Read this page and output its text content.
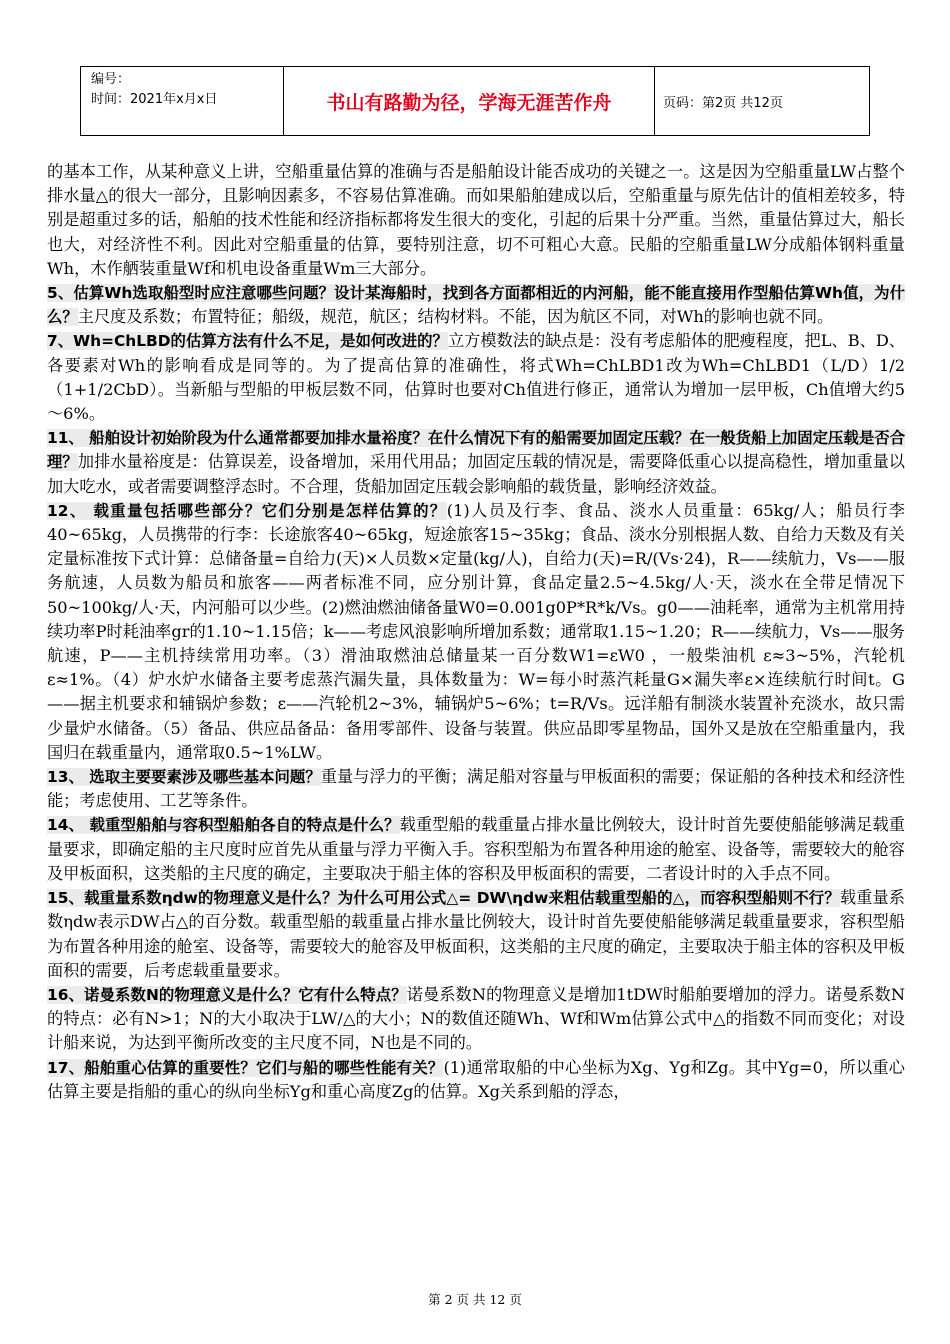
编号：
时间：2021年x月x日	书山有路勤为径，学海无涯苦作舟	页码：第2页 共12页

的基本工作，从某种意义上讲，空船重量估算的准确与否是船舶设计能否成功的关键之一。这是因为空船重量LW占整个排水量△的很大一部分，且影响因素多，不容易估算准确。而如果船舶建成以后，空船重量与原先估计的值相差较多，特别是超重过多的话，船舶的技术性能和经济指标都将发生很大的变化，引起的后果十分严重。当然，重量估算过大，船长也大，对经济性不利。因此对空船重量的估算，要特别注意，切不可粗心大意。民船的空船重量LW分成船体钢料重量Wh，木作舾装重量Wf和机电设备重量Wm三大部分。

5、估算Wh选取船型时应注意哪些问题？设计某海船时，找到各方面都相近的内河船，能不能直接用作型船估算Wh值，为什么？主尺度及系数；布置特征；船级，规范，航区；结构材料。不能，因为航区不同，对Wh的影响也就不同。

7、Wh=ChLBD的估算方法有什么不足，是如何改进的？立方模数法的缺点是：没有考虑船体的肥瘦程度，把L、B、D、各要素对Wh的影响看成是同等的。为了提高估算的准确性，将式Wh=ChLBD1改为Wh=ChLBD1（L/D）1/2（1+1/2CbD）。当新船与型船的甲板层数不同，估算时也要对Ch值进行修正，通常认为增加一层甲板，Ch值增大约5～6%。

11、 船舶设计初始阶段为什么通常都要加排水量裕度？在什么情况下有的船需要加固定压载？在一般货船上加固定压载是否合理？加排水量裕度是：估算误差，设备增加，采用代用品；加固定压载的情况是，需要降低重心以提高稳性，增加重量以加大吃水，或者需要调整浮态时。不合理，货船加固定压载会影响船的载货量，影响经济效益。

12、 载重量包括哪些部分？它们分别是怎样估算的？(1)人员及行李、食品、淡水人员重量：65kg/人；船员行李40~65kg，人员携带的行李：长途旅客40~65kg，短途旅客15~35kg；食品、淡水分别根据人数、自给力天数及有关定量标准按下式计算：总储备量=自给力(天)×人员数×定量(kg/人)，自给力(天)=R/(Vs·24)，R——续航力，Vs——服务航速，人员数为船员和旅客——两者标准不同，应分别计算，食品定量2.5~4.5kg/人·天，淡水在全带足情况下50~100kg/人·天，内河船可以少些。(2)燃油燃油储备量W0=0.001g0P*R*k/Vs。g0——油耗率，通常为主机常用持续功率P时耗油率gr的1.10~1.15倍；k——考虑风浪影响所增加系数；通常取1.15~1.20；R——续航力，Vs——服务航速，P——主机持续常用功率。（3）滑油取燃油总储量某一百分数W1=εW0 ，一般柴油机 ε≈3~5%，汽轮机 ε≈1%。（4）炉水炉水储备主要考虑蒸汽漏失量，具体数量为：W=每小时蒸汽耗量G×漏失率ε×连续航行时间t。G——据主机要求和辅锅炉参数；ε——汽轮机2~3%，辅锅炉5~6%；t=R/Vs。远洋船有制淡水装置补充淡水，故只需少量炉水储备。（5）备品、供应品备品：备用零部件、设备与装置。供应品即零星物品，国外又是放在空船重量内，我国归在载重量内，通常取0.5~1%LW。

13、 选取主要要素涉及哪些基本问题？重量与浮力的平衡；满足船对容量与甲板面积的需要；保证船的各种技术和经济性能；考虑使用、工艺等条件。

14、 载重型船舶与容积型船舶各自的特点是什么？载重型船的载重量占排水量比例较大，设计时首先要使船能够满足载重量要求，即确定船的主尺度时应首先从重量与浮力平衡入手。容积型船为布置各种用途的舱室、设备等，需要较大的舱容及甲板面积，这类船的主尺度的确定，主要取决于船主体的容积及甲板面积的需要，二者设计时的入手点不同。

15、载重量系数ηdw的物理意义是什么？为什么可用公式△= DW\ηdw来粗估载重型船的△，而容积型船则不行？载重量系数ηdw表示DW占△的百分数。载重型船的载重量占排水量比例较大，设计时首先要使船能够满足载重量要求，容积型船为布置各种用途的舱室、设备等，需要较大的舱容及甲板面积，这类船的主尺度的确定，主要取决于船主体的容积及甲板面积的需要，后考虑载重量要求。

16、诺曼系数N的物理意义是什么？它有什么特点？诺曼系数N的物理意义是增加1tDW时船舶要增加的浮力。诺曼系数N的特点：必有N>1；N的大小取决于LW/△的大小；N的数值还随Wh、Wf和Wm估算公式中△的指数不同而变化；对设计船来说，为达到平衡所改变的主尺度不同，N也是不同的。

17、船舶重心估算的重要性？它们与船的哪些性能有关？(1)通常取船的中心坐标为Xg、Yg和Zg。其中Yg=0，所以重心估算主要是指船的重心的纵向坐标Yg和重心高度Zg的估算。Xg关系到船的浮态，

第 2 页 共 12 页
